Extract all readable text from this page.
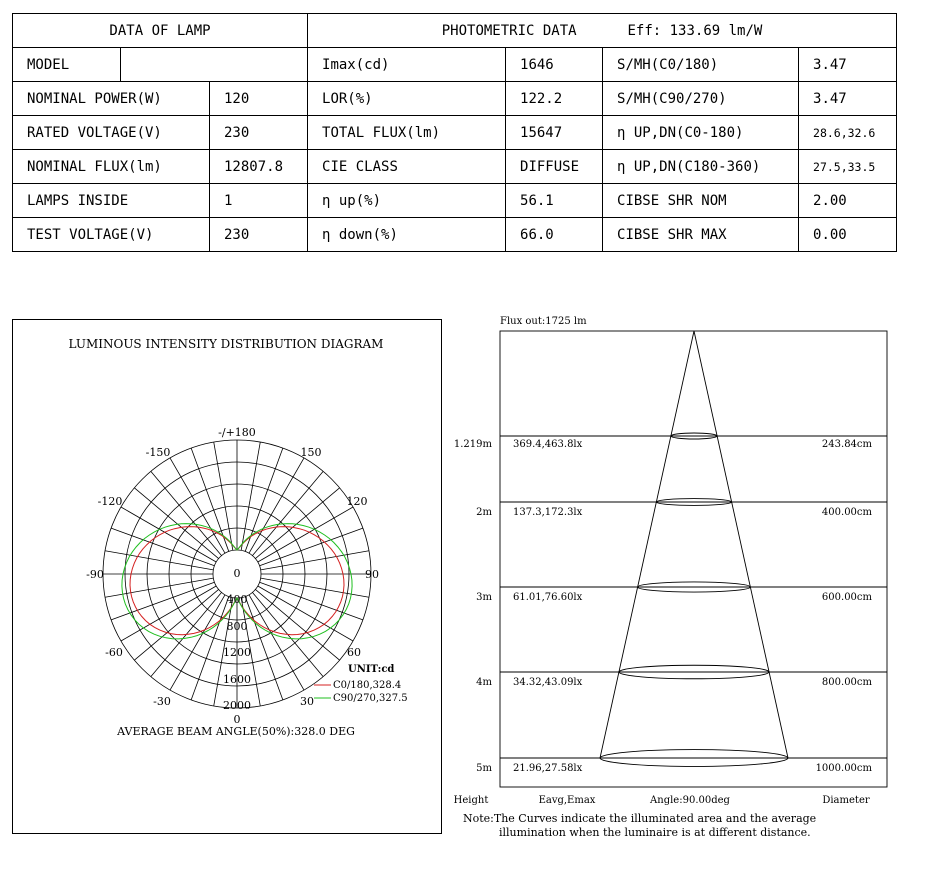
DATA OF LAMP			PHOTOMETRIC DATA Eff: 133.69 lm/W			
MODEL			Imax(cd)	1646	S/MH(C0/180)	3.47
NOMINAL POWER(W)		120	LOR(%)	122.2	S/MH(C90/270)	3.47
RATED VOLTAGE(V)		230	TOTAL FLUX(lm)	15647	η UP,DN(C0-180)	28.6,32.6
NOMINAL FLUX(lm)		12807.8	CIE CLASS	DIFFUSE	η UP,DN(C180-360)	27.5,33.5
LAMPS INSIDE		1	η up(%)	56.1	CIBSE SHR NOM	2.00
TEST VOLTAGE(V)		230	η down(%)	66.0	CIBSE SHR MAX	0.00
LUMINOUS INTENSITY DISTRIBUTION DIAGRAM
-/+180
-150	150
-120	120
-90	90
-60	60
-30	30
0
0
400
800
1200
1600
2000
UNIT:cd
C0/180,328.4
C90/270,327.5
AVERAGE BEAM ANGLE(50%):328.0 DEG
Flux out:1725 lm
1.219m 369.4,463.8lx	243.84cm
2m 137.3,172.3lx	400.00cm
3m 61.01,76.60lx	600.00cm
4m 34.32,43.09lx	800.00cm
5m 21.96,27.58lx	1000.00cm
Height	Eavg,Emax	Angle:90.00deg	Diameter
Note:The Curves indicate the illuminated area and the average
illumination when the luminaire is at different distance.
